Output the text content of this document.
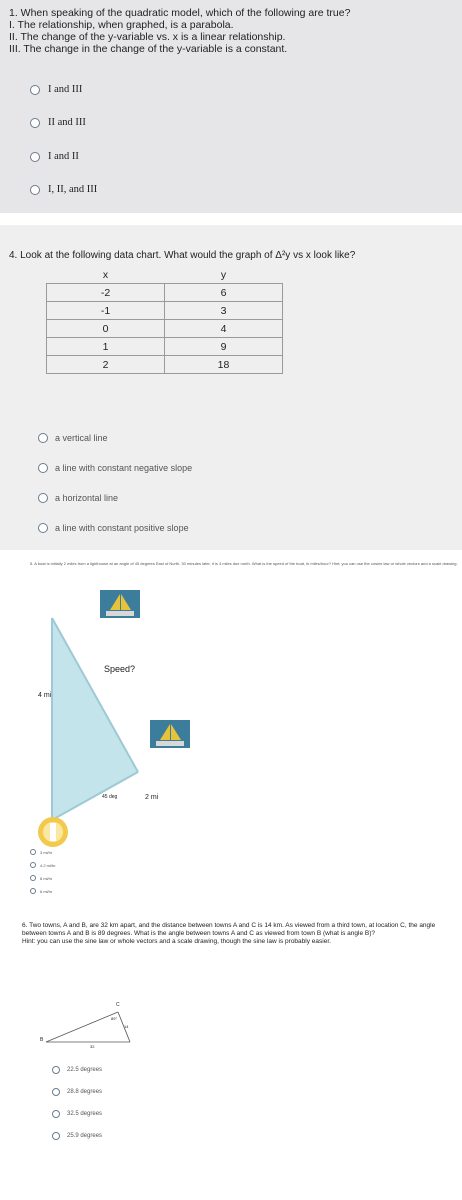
1. When speaking of the quadratic model, which of the following are true?
I. The relationship, when graphed, is a parabola.
II. The change of the y-variable vs. x is a linear relationship.
III. The change in the change of the y-variable is a constant.
I and III
II and III
I and II
I, II, and III
4. Look at the following data chart. What would the graph of Δ²y vs x look like?
x	y
-2	6
-1	3
0	4
1	9
2	18
a vertical line
a line with constant negative slope
a horizontal line
a line with constant positive slope
5. A boat is initially 2 miles from a lighthouse at an angle of 45 degrees East of North. 30 minutes later, it is 4 miles due north. What is the speed of the boat, in miles/hour? Hint: you can use the cosine law or whole vectors and a scale drawing.
Speed?
4 mi
45 deg	2 mi
3 mi/hr
4.2 mi/hr
8 mi/hr
6 mi/hr
6. Two towns, A and B, are 32 km apart, and the distance between towns A and C is 14 km. As viewed from a third town, at location C, the angle between towns A and B is 89 degrees. What is the angle between towns A and C as viewed from town B (what is angle B)?
Hint: you can use the sine law or whole vectors and a scale drawing, though the sine law is probably easier.
C
B
89°
14
32
22.5 degrees
28.8 degrees
32.5 degrees
25.9 degrees
